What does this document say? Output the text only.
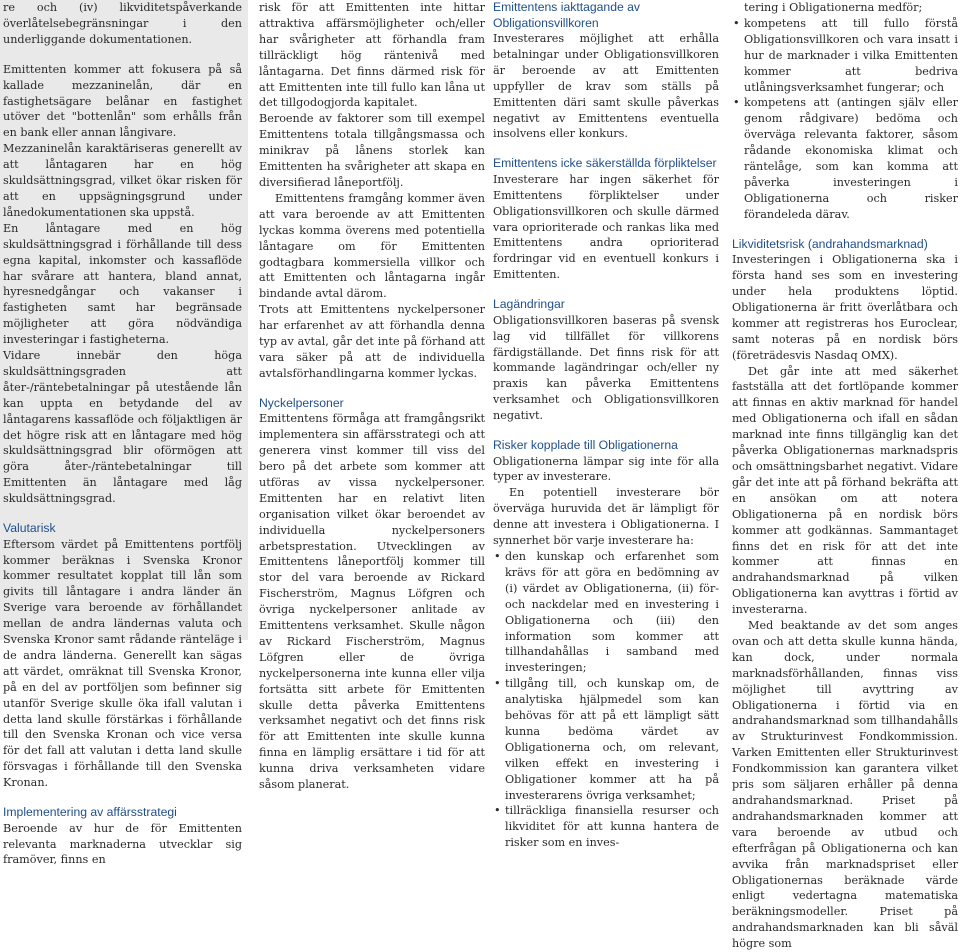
re och (iv) likviditetspåverkande överlåtelsebegränsningar i den underliggande dokumentationen.

Emittenten kommer att fokusera på så kallade mezzaninelån, där en fastighetsägare belånar en fastighet utöver det "bottenlån" som erhålls från en bank eller annan långivare.

Mezzaninelån karaktäriseras generellt av att låntagaren har en hög skuldsättningsgrad, vilket ökar risken för att en uppsägningsgrund under lånedokumentationen ska uppstå.

En låntagare med en hög skuldsättningsgrad i förhållande till dess egna kapital, inkomster och kassaflöde har svårare att hantera, bland annat, hyresnedgångar och vakanser i fastigheten samt har begränsade möjligheter att göra nödvändiga investeringar i fastigheterna.

Vidare innebär den höga skuldsättningsgraden att åter-/räntebetalningar på utestående lån kan uppta en betydande del av låntagarens kassaflöde och följaktligen är det högre risk att en låntagare med hög skuldsättningsgrad blir oförmögen att göra åter-/räntebetalningar till Emittenten än låntagare med låg skuldsättningsgrad.

Valutarisk

Eftersom värdet på Emittentens portfölj kommer beräknas i Svenska Kronor kommer resultatet kopplat till lån som givits till låntagare i andra länder än Sverige vara beroende av förhållandet mellan de andra ländernas valuta och Svenska Kronor samt rådande ränteläge i de andra länderna. Generellt kan sägas att värdet, omräknat till Svenska Kronor, på en del av portföljen som befinner sig utanför Sverige skulle öka ifall valutan i detta land skulle förstärkas i förhållande till den Svenska Kronan och vice versa för det fall att valutan i detta land skulle försvagas i förhållande till den Svenska Kronan.

Implementering av affärsstrategi

Beroende av hur de för Emittenten relevanta marknaderna utvecklar sig framöver, finns en

risk för att Emittenten inte hittar attraktiva affärsmöjligheter och/eller har svårigheter att förhandla fram tillräckligt hög räntenivå med låntagarna. Det finns därmed risk för att Emittenten inte till fullo kan låna ut det tillgodogjorda kapitalet.

Beroende av faktorer som till exempel Emittentens totala tillgångsmassa och minikrav på lånens storlek kan Emittenten ha svårigheter att skapa en diversifierad låneportfölj.

Emittentens framgång kommer även att vara beroende av att Emittenten lyckas komma överens med potentiella låntagare om för Emittenten godtagbara kommersiella villkor och att Emittenten och låntagarna ingår bindande avtal därom.

Trots att Emittentens nyckelpersoner har erfarenhet av att förhandla denna typ av avtal, går det inte på förhand att vara säker på att de individuella avtalsförhandlingarna kommer lyckas.

Nyckelpersoner

Emittentens förmåga att framgångsrikt implementera sin affärsstrategi och att generera vinst kommer till viss del bero på det arbete som kommer att utföras av vissa nyckelpersoner. Emittenten har en relativt liten organisation vilket ökar beroendet av individuella nyckelpersoners arbetsprestation. Utvecklingen av Emittentens låneportfölj kommer till stor del vara beroende av Rickard Fischerström, Magnus Löfgren och övriga nyckelpersoner anlitade av Emittentens verksamhet. Skulle någon av Rickard Fischerström, Magnus Löfgren eller de övriga nyckelpersonerna inte kunna eller vilja fortsätta sitt arbete för Emittenten skulle detta påverka Emittentens verksamhet negativt och det finns risk för att Emittenten inte skulle kunna finna en lämplig ersättare i tid för att kunna driva verksamheten vidare såsom planerat.

Emittentens iakttagande av Obligationsvillkoren

Investerares möjlighet att erhålla betalningar under Obligationsvillkoren är beroende av att Emittenten uppfyller de krav som ställs på Emittenten däri samt skulle påverkas negativt av Emittentens eventuella insolvens eller konkurs.

Emittentens icke säkerställda förpliktelser

Investerare har ingen säkerhet för Emittentens förpliktelser under Obligationsvillkoren och skulle därmed vara oprioriterade och rankas lika med Emittentens andra oprioriterad fordringar vid en eventuell konkurs i Emittenten.

Lagändringar

Obligationsvillkoren baseras på svensk lag vid tillfället för villkorens färdigställande. Det finns risk för att kommande lagändringar och/eller ny praxis kan påverka Emittentens verksamhet och Obligationsvillkoren negativt.

Risker kopplade till Obligationerna

Obligationerna lämpar sig inte för alla typer av investerare.

En potentiell investerare bör överväga huruvida det är lämpligt för denne att investera i Obligationerna. I synnerhet bör varje investerare ha:

• den kunskap och erfarenhet som krävs för att göra en bedömning av (i) värdet av Obligationerna, (ii) för- och nackdelar med en investering i Obligationerna och (iii) den information som kommer att tillhandahållas i samband med investeringen;
• tillgång till, och kunskap om, de analytiska hjälpmedel som kan behövas för att på ett lämpligt sätt kunna bedöma värdet av Obligationerna och, om relevant, vilken effekt en investering i Obligationer kommer att ha på investerarens övriga verksamhet;
• tillräckliga finansiella resurser och likviditet för att kunna hantera de risker som en inves-

tering i Obligationerna medför;

• kompetens att till fullo förstå Obligationsvillkoren och vara insatt i hur de marknader i vilka Emittenten kommer att bedriva utlåningsverksamhet fungerar; och
• kompetens att (antingen själv eller genom rådgivare) bedöma och överväga relevanta faktorer, såsom rådande ekonomiska klimat och räntelåge, som kan komma att påverka investeringen i Obligationerna och risker förandeleda därav.
Likviditetsrisk (andrahandsmarknad)

Investeringen i Obligationerna ska i första hand ses som en investering under hela produktens löptid. Obligationerna är fritt överlåtbara och kommer att registreras hos Euroclear, samt noteras på en nordisk börs (företrädesvis Nasdaq OMX).

Det går inte att med säkerhet fastställa att det fortlöpande kommer att finnas en aktiv marknad för handel med Obligationerna och ifall en sådan marknad inte finns tillgänglig kan det påverka Obligationernas marknadspris och omsättningsbarhet negativt. Vidare går det inte att på förhand bekräfta att en ansökan om att notera Obligationerna på en nordisk börs kommer att godkännas. Sammantaget finns det en risk för att det inte kommer att finnas en andrahandsmarknad på vilken Obligationerna kan avyttras i förtid av investerarna.

Med beaktande av det som anges ovan och att detta skulle kunna hända, kan dock, under normala marknadsförhållanden, finnas viss möjlighet till avyttring av Obligationerna i förtid via en andrahandsmarknad som tillhandahålls av Strukturinvest Fondkommission. Varken Emittenten eller Strukturinvest Fondkommission kan garantera vilket pris som säljaren erhåller på denna andrahandsmarknad. Priset på andrahandsmarknaden kommer att vara beroende av utbud och efterfrågan på Obligationerna och kan avvika från marknadspriset eller Obligationernas beräknade värde enligt vedertagna matematiska beräkningsmodeller. Priset på andrahandsmarknaden kan bli såväl högre som
